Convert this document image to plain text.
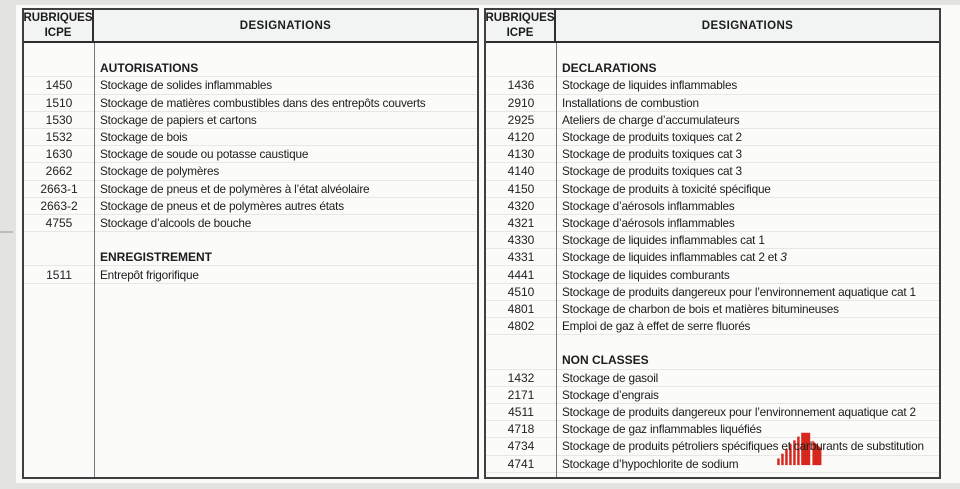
RUBRIQUES
ICPE
DESIGNATIONS
AUTORISATIONS
1450	Stockage de solides inflammables
1510	Stockage de matières combustibles dans des entrepôts couverts
1530	Stockage de papiers et cartons
1532	Stockage de bois
1630	Stockage de soude ou potasse caustique
2662	Stockage de polymères
2663-1	Stockage de pneus et de polymères à l’état alvéolaire
2663-2	Stockage de pneus et de polymères autres états
4755	Stockage d’alcools de bouche
ENREGISTREMENT
1511	Entrepôt frigorifique
RUBRIQUES
ICPE
DESIGNATIONS
DECLARATIONS
1436	Stockage de liquides inflammables
2910	Installations de combustion
2925	Ateliers de charge d’accumulateurs
4120	Stockage de produits toxiques cat 2
4130	Stockage de produits toxiques cat 3
4140	Stockage de produits toxiques cat 3
4150	Stockage de produits à toxicité spécifique
4320	Stockage d’aérosols inflammables
4321	Stockage d’aérosols inflammables
4330	Stockage de liquides inflammables cat 1
4331	Stockage de liquides inflammables cat 2 et 3
4441	Stockage de liquides comburants
4510	Stockage de produits dangereux pour l’environnement aquatique cat 1
4801	Stockage de charbon de bois et matières bitumineuses
4802	Emploi de gaz à effet de serre fluorés
NON CLASSES
1432	Stockage de gasoil
2171	Stockage d’engrais
4511	Stockage de produits dangereux pour l’environnement aquatique cat 2
4718	Stockage de gaz inflammables liquéfiés
4734	Stockage de produits pétroliers spécifiques et carburants de substitution
4741	Stockage d’hypochlorite de sodium
